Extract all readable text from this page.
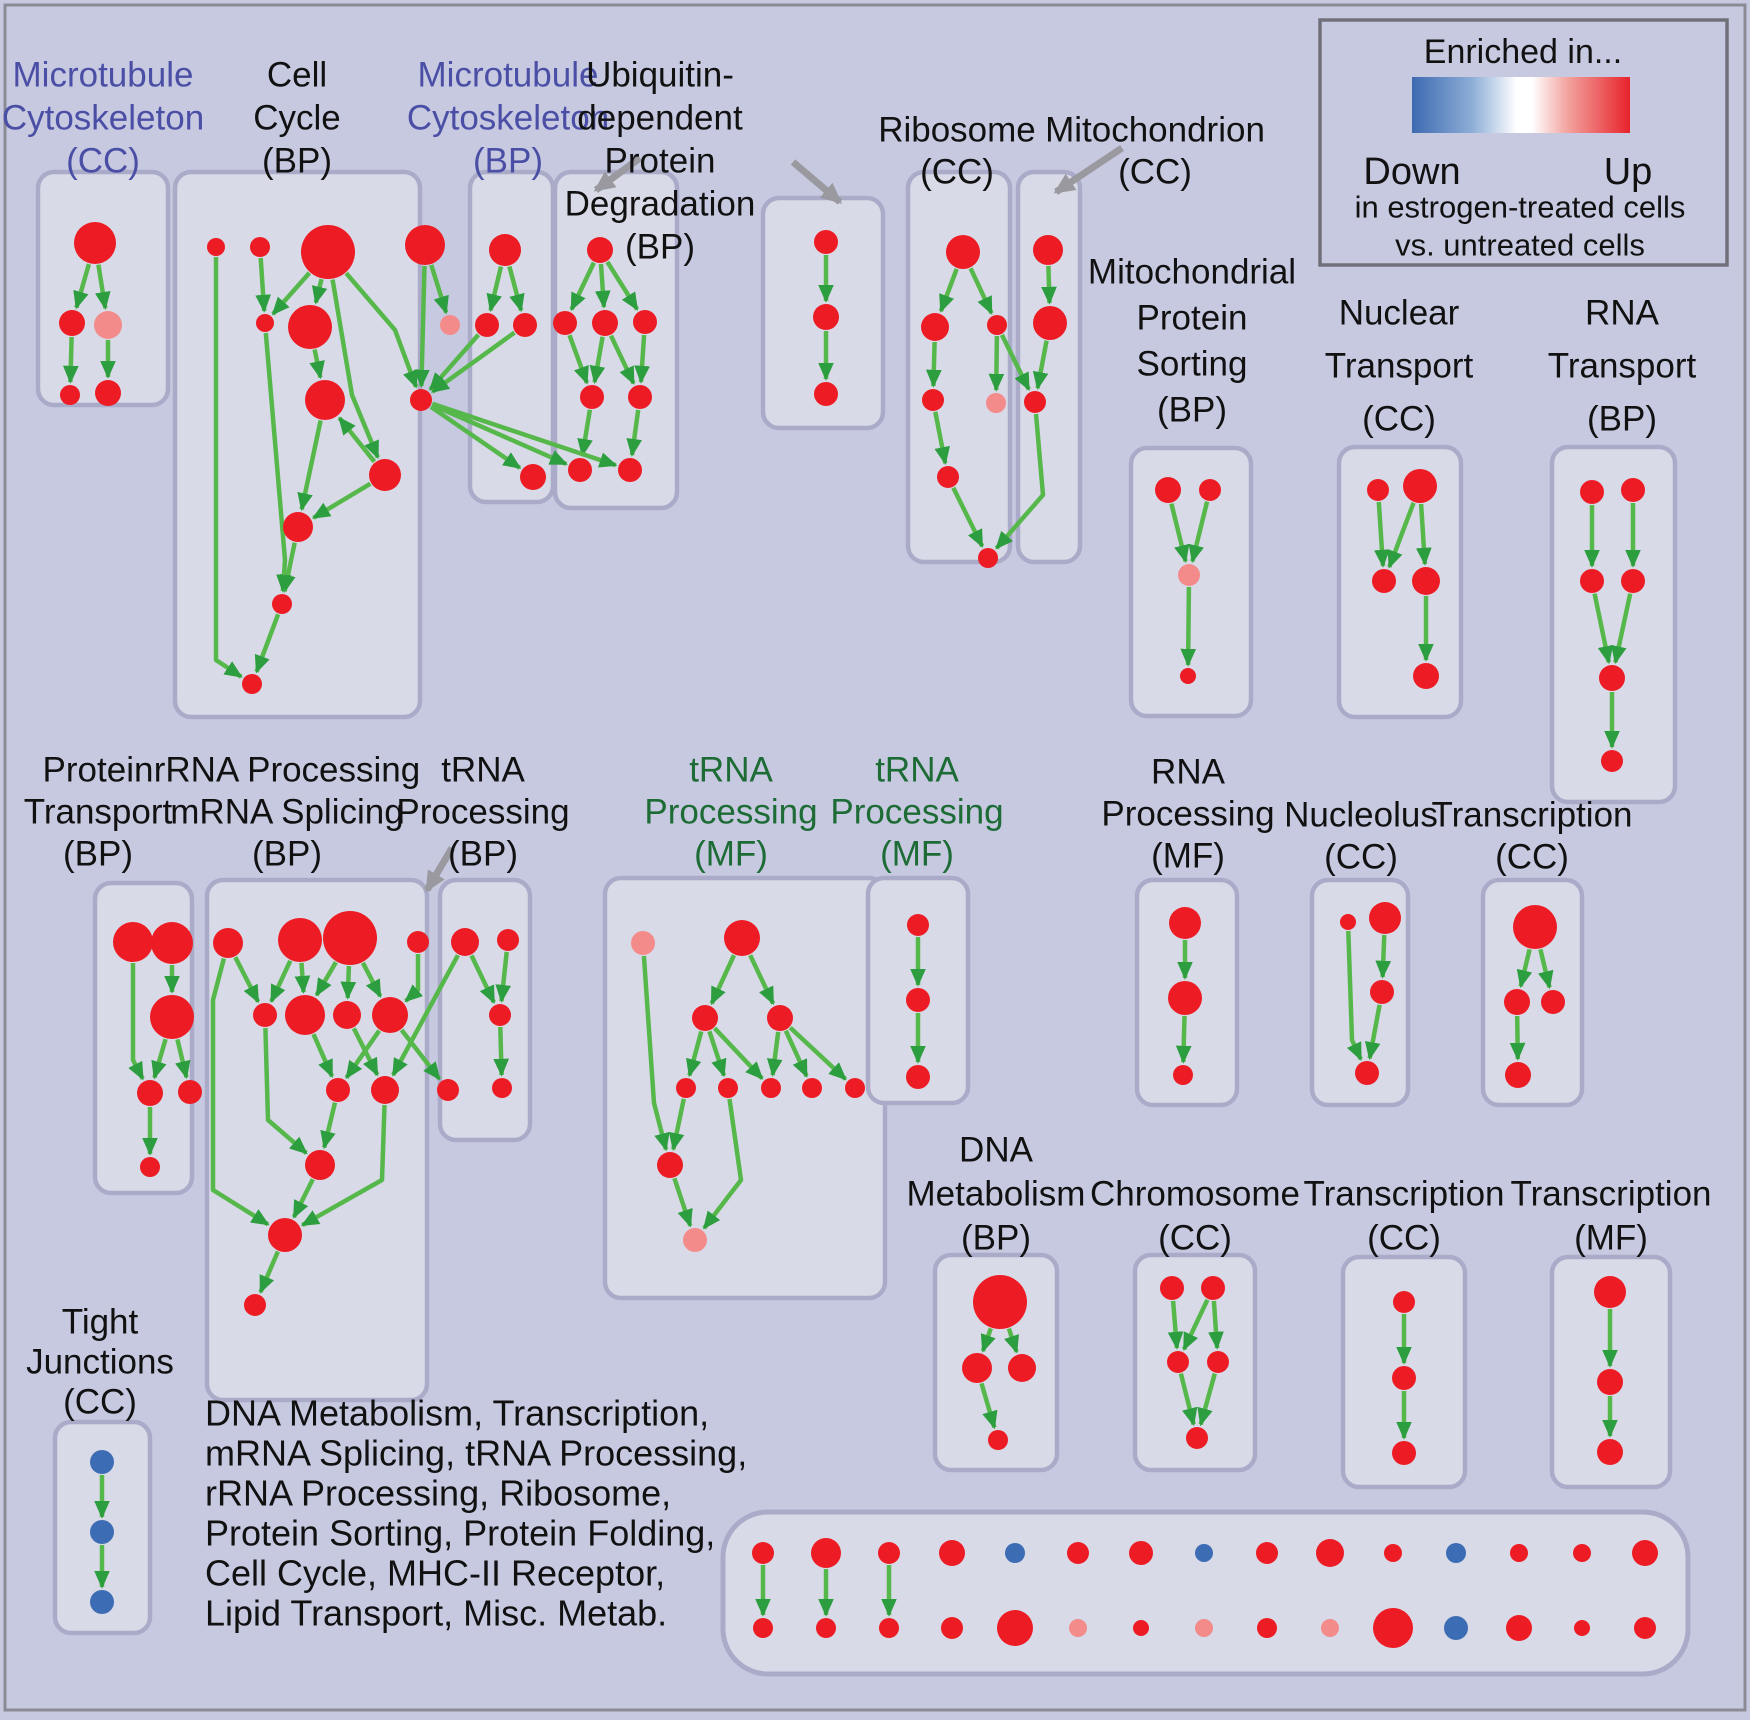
Microtubule
Cytoskeleton
(CC)
Cell
Cycle
(BP)
Microtubule
Cytoskeleton
(BP)
Ubiquitin-
dependent
Protein
Degradation
(BP)
Ribosome
(CC)
Mitochondrion
(CC)
Mitochondrial
Protein
Sorting
(BP)
Nuclear
Transport
(CC)
RNA
Transport
(BP)
Protein
Transport
(BP)
rRNA Processing
mRNA Splicing
(BP)
tRNA
Processing
(BP)
tRNA
Processing
(MF)
tRNA
Processing
(MF)
RNA
Processing
(MF)
Nucleolus
(CC)
Transcription
(CC)
DNA
Metabolism
(BP)
Chromosome
(CC)
Transcription
(CC)
Transcription
(MF)
Tight
Junctions
(CC) DNA Metabolism, Transcription,
mRNA Splicing, tRNA Processing,
rRNA Processing, Ribosome,
Protein Sorting, Protein Folding,
Cell Cycle, MHC-II Receptor,
Lipid Transport, Misc. Metab.
Enriched in...
Down	Up
in estrogen-treated cells
vs. untreated cells
